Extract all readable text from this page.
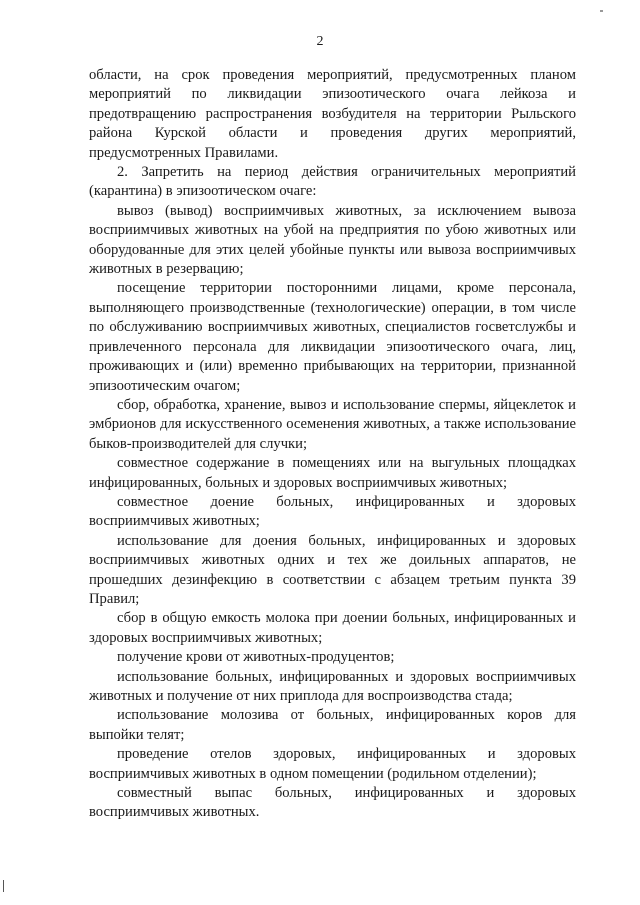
2

области, на срок проведения мероприятий, предусмотренных планом мероприятий по ликвидации эпизоотического очага лейкоза и предотвращению распространения возбудителя на территории Рыльского района Курской области и проведения других мероприятий, предусмотренных Правилами.

2. Запретить на период действия ограничительных мероприятий (карантина) в эпизоотическом очаге:

вывоз (вывод) восприимчивых животных, за исключением вывоза восприимчивых животных на убой на предприятия по убою животных или оборудованные для этих целей убойные пункты или вывоза восприимчивых животных в резервацию;

посещение территории посторонними лицами, кроме персонала, выполняющего производственные (технологические) операции, в том числе по обслуживанию восприимчивых животных, специалистов госветслужбы и привлеченного персонала для ликвидации эпизоотического очага, лиц, проживающих и (или) временно прибывающих на территории, признанной эпизоотическим очагом;

сбор, обработка, хранение, вывоз и использование спермы, яйцеклеток и эмбрионов для искусственного осеменения животных, а также использование быков-производителей для случки;

совместное содержание в помещениях или на выгульных площадках инфицированных, больных и здоровых восприимчивых животных;

совместное доение больных, инфицированных и здоровых восприимчивых животных;

использование для доения больных, инфицированных и здоровых восприимчивых животных одних и тех же доильных аппаратов, не прошедших дезинфекцию в соответствии с абзацем третьим пункта 39 Правил;

сбор в общую емкость молока при доении больных, инфицированных и здоровых восприимчивых животных;

получение крови от животных-продуцентов;

использование больных, инфицированных и здоровых восприимчивых животных и получение от них приплода для воспроизводства стада;

использование молозива от больных, инфицированных коров для выпойки телят;

проведение отелов здоровых, инфицированных и здоровых восприимчивых животных в одном помещении (родильном отделении);

совместный выпас больных, инфицированных и здоровых восприимчивых животных.
